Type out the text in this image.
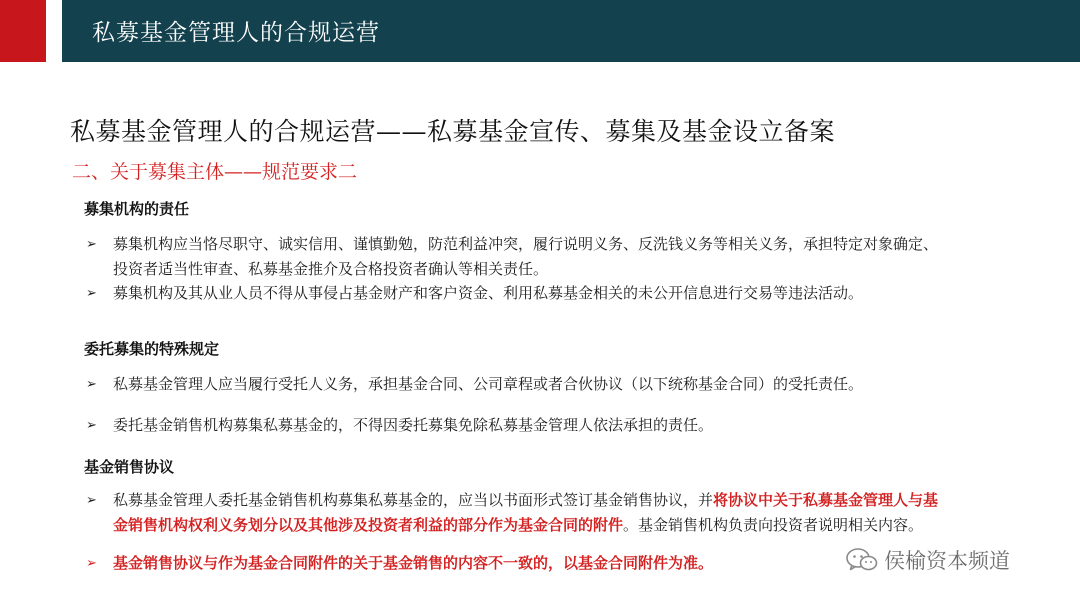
私募基金管理人的合规运营
私募基金管理人的合规运营——私募基金宣传、募集及基金设立备案
二、关于募集主体——规范要求二
募集机构的责任
➢ 募集机构应当恪尽职守、诚实信用、谨慎勤勉，防范利益冲突，履行说明义务、反洗钱义务等相关义务，承担特定对象确定、投资者适当性审查、私募基金推介及合格投资者确认等相关责任。
➢ 募集机构及其从业人员不得从事侵占基金财产和客户资金、利用私募基金相关的未公开信息进行交易等违法活动。
委托募集的特殊规定
➢ 私募基金管理人应当履行受托人义务，承担基金合同、公司章程或者合伙协议（以下统称基金合同）的受托责任。
➢ 委托基金销售机构募集私募基金的，不得因委托募集免除私募基金管理人依法承担的责任。
基金销售协议
➢ 私募基金管理人委托基金销售机构募集私募基金的，应当以书面形式签订基金销售协议，并将协议中关于私募基金管理人与基金销售机构权利义务划分以及其他涉及投资者利益的部分作为基金合同的附件。基金销售机构负责向投资者说明相关内容。
➢ 基金销售协议与作为基金合同附件的关于基金销售的内容不一致的，以基金合同附件为准。	侯榆资本频道
